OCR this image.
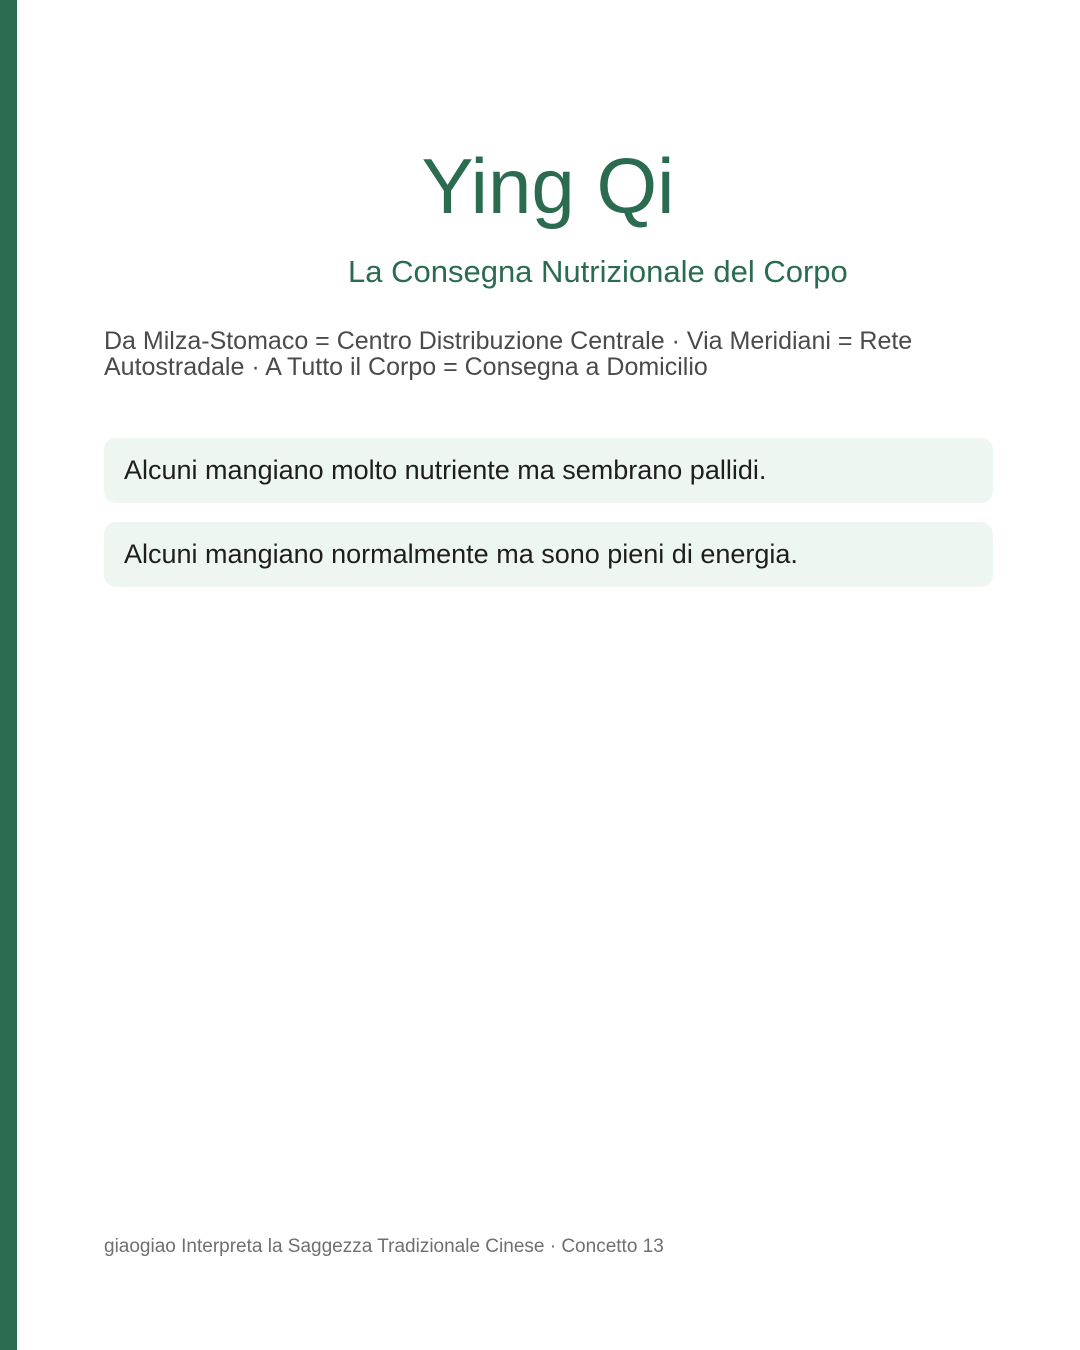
Ying Qi

La Consegna Nutrizionale del Corpo

Da Milza-Stomaco = Centro Distribuzione Centrale · Via Meridiani = Rete Autostradale · A Tutto il Corpo = Consegna a Domicilio

Alcuni mangiano molto nutriente ma sembrano pallidi.
Alcuni mangiano normalmente ma sono pieni di energia.

giaogiao Interpreta la Saggezza Tradizionale Cinese · Concetto 13
